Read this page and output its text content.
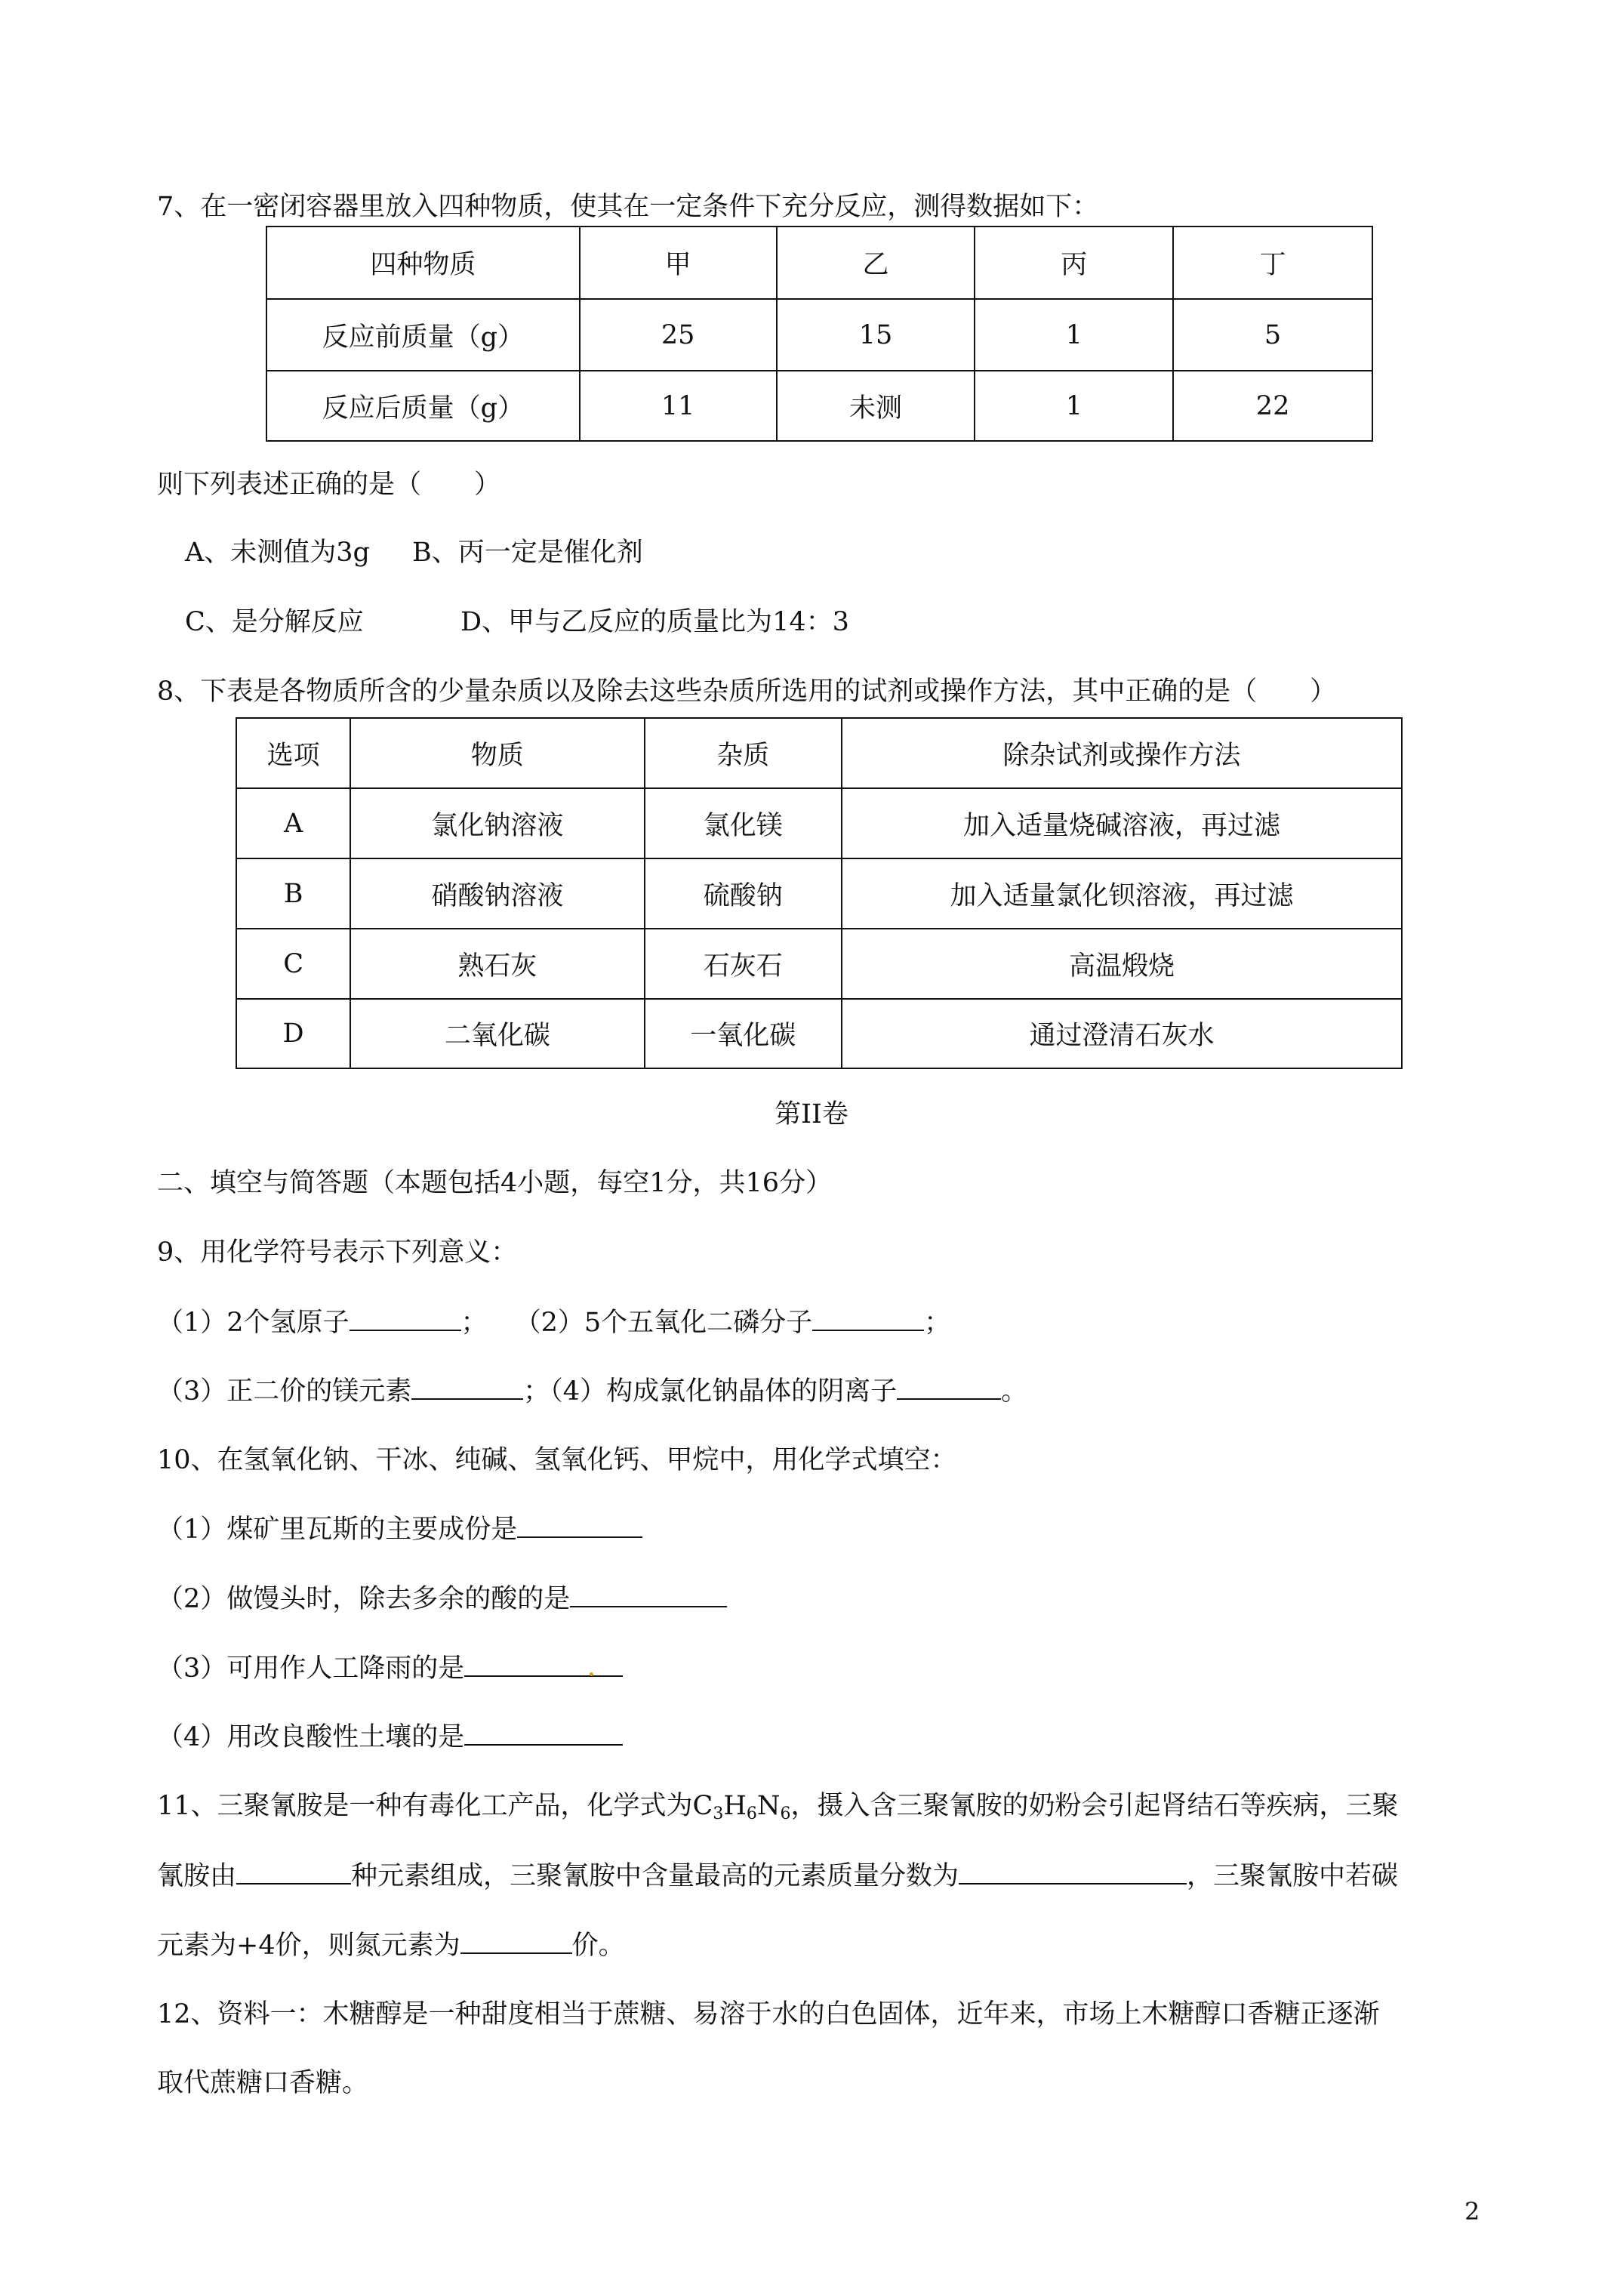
7、在一密闭容器里放入四种物质，使其在一定条件下充分反应，测得数据如下：
四种物质	甲	乙	丙	丁
反应前质量（g）	25	15	1	5
反应后质量（g）	11	未测	1	22
则下列表述正确的是（　　）
A、未测值为3g B、丙一定是催化剂
C、是分解反应	D、甲与乙反应的质量比为14：3
8、下表是各物质所含的少量杂质以及除去这些杂质所选用的试剂或操作方法，其中正确的是（　　）
选项	物质	杂质	除杂试剂或操作方法
A	氯化钠溶液	氯化镁	加入适量烧碱溶液，再过滤
B	硝酸钠溶液	硫酸钠	加入适量氯化钡溶液，再过滤
C	熟石灰	石灰石	高温煅烧
D	二氧化碳	一氧化碳	通过澄清石灰水
第II卷
二、填空与简答题（本题包括4小题，每空1分，共16分）
9、用化学符号表示下列意义：
（1）2个氢原子	； （2）5个五氧化二磷分子	；
（3）正二价的镁元素	；（4）构成氯化钠晶体的阴离子	。
10、在氢氧化钠、干冰、纯碱、氢氧化钙、甲烷中，用化学式填空：
（1）煤矿里瓦斯的主要成份是
（2）做馒头时，除去多余的酸的是
（3）可用作人工降雨的是
（4）用改良酸性土壤的是
11、三聚氰胺是一种有毒化工产品，化学式为$C_3H_6N_6$，摄入含三聚氰胺的奶粉会引起肾结石等疾病，三聚
氰胺由	种元素组成，三聚氰胺中含量最高的元素质量分数为	，三聚氰胺中若碳
元素为+4价，则氮元素为	价。
12、资料一：木糖醇是一种甜度相当于蔗糖、易溶于水的白色固体，近年来，市场上木糖醇口香糖正逐渐
取代蔗糖口香糖。
2
